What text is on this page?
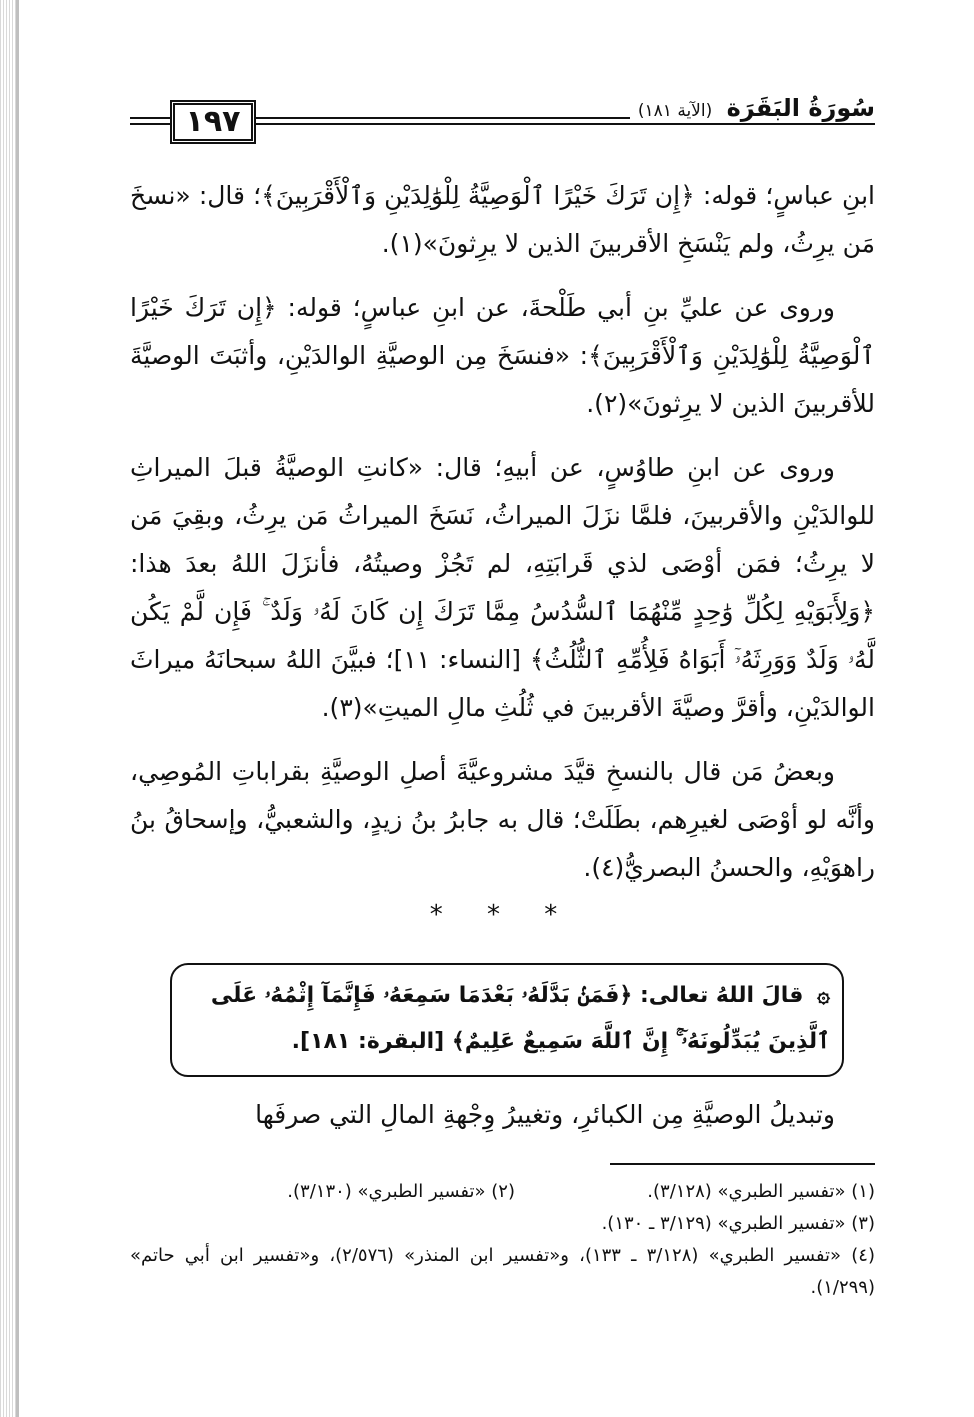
١٩٧	سُورَةُ البَقَرَة (الآية ١٨١)

ابنِ عباسٍ؛ قوله: ﴿إِن تَرَكَ خَيْرًا ٱلْوَصِيَّةُ لِلْوَٰلِدَيْنِ وَٱلْأَقْرَبِينَ﴾؛ قال: «نسخَ مَن يرِثُ، ولم يَنْسَخِ الأقربينَ الذين لا يرِثونَ»(١).

وروى عن عليِّ بنِ أبي طَلْحةَ، عن ابنِ عباسٍ؛ قوله: ﴿إِن تَرَكَ خَيْرًا ٱلْوَصِيَّةُ لِلْوَٰلِدَيْنِ وَٱلْأَقْرَبِينَ﴾: «فنسَخَ مِن الوصيَّةِ الوالدَيْنِ، وأثبَتَ الوصيَّةَ للأقربينَ الذين لا يرِثونَ»(٢).

وروى عن ابنِ طاوُسٍ، عن أبيهِ؛ قال: «كانتِ الوصيَّةُ قبلَ الميراثِ للوالدَيْنِ والأقربينَ، فلمَّا نزَلَ الميراثُ، نَسَخَ الميراثُ مَن يرِثُ، وبقِيَ مَن لا يرِثُ؛ فمَن أوْصَى لذي قَرابَتِهِ، لم تَجُزْ وصيتُهُ، فأنزَلَ اللهُ بعدَ هذا: ﴿وَلِأَبَوَيْهِ لِكُلِّ وَٰحِدٍ مِّنْهُمَا ٱلسُّدُسُ مِمَّا تَرَكَ إِن كَانَ لَهُۥ وَلَدٌ ۚ فَإِن لَّمْ يَكُن لَّهُۥ وَلَدٌ وَوَرِثَهُۥٓ أَبَوَاهُ فَلِأُمِّهِ ٱلثُّلُثُ﴾ [النساء: ١١]؛ فبيَّنَ اللهُ سبحانَهُ ميراثَ الوالدَيْنِ، وأقرَّ وصيَّةَ الأقربينَ في ثُلُثِ مالِ الميتِ»(٣).

وبعضُ مَن قال بالنسخِ قيَّدَ مشروعيَّةَ أصلِ الوصيَّةِ بقراباتِ المُوصِي، وأنَّه لو أوْصَى لغيرِهم، بطَلَتْ؛ قال به جابرُ بنُ زيدٍ، والشعبيُّ، وإسحاقُ بنُ راهوَيْهِ، والحسنُ البصريُّ(٤).

* * *
۞ قالَ اللهُ تعالى: ﴿فَمَنۢ بَدَّلَهُۥ بَعْدَمَا سَمِعَهُۥ فَإِنَّمَآ إِثْمُهُۥ عَلَى ٱلَّذِينَ يُبَدِّلُونَهُۥٓ ۚ إِنَّ ٱللَّهَ سَمِيعٌ عَلِيمٌ﴾ [البقرة: ١٨١].
وتبديلُ الوصيَّةِ مِن الكبائرِ، وتغييرُ وِجْهةِ المالِ التي صرفَها
(١) «تفسير الطبري» (٣/١٢٨).
(٢) «تفسير الطبري» (٣/١٣٠).
(٣) «تفسير الطبري» (٣/١٢٩ ـ ١٣٠).
(٤) «تفسير الطبري» (٣/١٢٨ ـ ١٣٣)، و«تفسير ابن المنذر» (٢/٥٧٦)، و«تفسير ابن أبي حاتم» (١/٢٩٩).
